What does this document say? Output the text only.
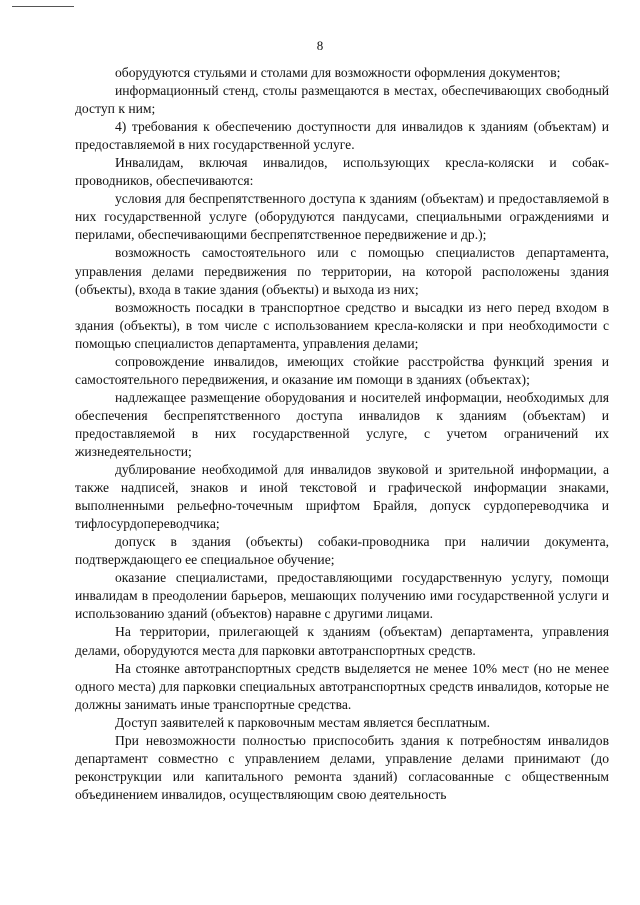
8

оборудуются стульями и столами для возможности оформления документов;

информационный стенд, столы размещаются в местах, обеспечивающих свободный доступ к ним;

4) требования к обеспечению доступности для инвалидов к зданиям (объектам) и предоставляемой в них государственной услуге.

Инвалидам, включая инвалидов, использующих кресла-коляски и собак-проводников, обеспечиваются:

условия для беспрепятственного доступа к зданиям (объектам) и предоставляемой в них государственной услуге (оборудуются пандусами, специальными ограждениями и перилами, обеспечивающими беспрепятственное передвижение и др.);

возможность самостоятельного или с помощью специалистов департамента, управления делами передвижения по территории, на которой расположены здания (объекты), входа в такие здания (объекты) и выхода из них;

возможность посадки в транспортное средство и высадки из него перед входом в здания (объекты), в том числе с использованием кресла-коляски и при необходимости с помощью специалистов департамента, управления делами;

сопровождение инвалидов, имеющих стойкие расстройства функций зрения и самостоятельного передвижения, и оказание им помощи в зданиях (объектах);

надлежащее размещение оборудования и носителей информации, необходимых для обеспечения беспрепятственного доступа инвалидов к зданиям (объектам) и предоставляемой в них государственной услуге, с учетом ограничений их жизнедеятельности;

дублирование необходимой для инвалидов звуковой и зрительной информации, а также надписей, знаков и иной текстовой и графической информации знаками, выполненными рельефно-точечным шрифтом Брайля, допуск сурдопереводчика и тифлосурдопереводчика;

допуск в здания (объекты) собаки-проводника при наличии документа, подтверждающего ее специальное обучение;

оказание специалистами, предоставляющими государственную услугу, помощи инвалидам в преодолении барьеров, мешающих получению ими государственной услуги и использованию зданий (объектов) наравне с другими лицами.

На территории, прилегающей к зданиям (объектам) департамента, управления делами, оборудуются места для парковки автотранспортных средств.

На стоянке автотранспортных средств выделяется не менее 10% мест (но не менее одного места) для парковки специальных автотранспортных средств инвалидов, которые не должны занимать иные транспортные средства.

Доступ заявителей к парковочным местам является бесплатным.

При невозможности полностью приспособить здания к потребностям инвалидов департамент совместно с управлением делами, управление делами принимают (до реконструкции или капитального ремонта зданий) согласованные с общественным объединением инвалидов, осуществляющим свою деятельность
